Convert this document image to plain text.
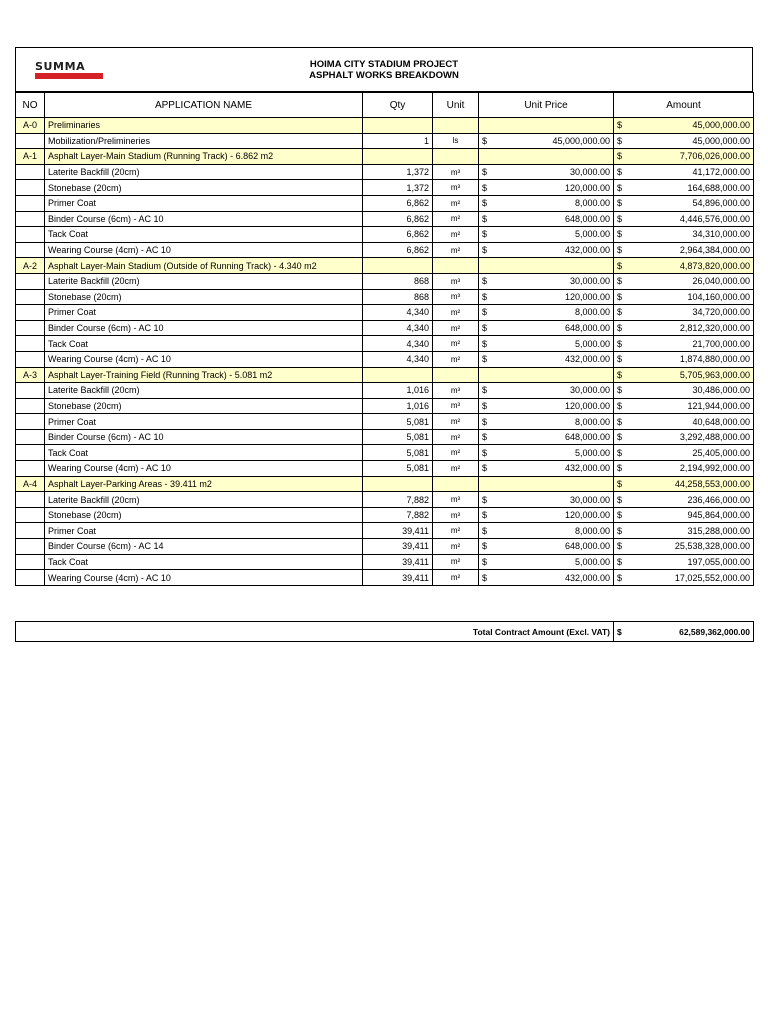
SUMMA	HOIMA CITY STADIUM PROJECT
ASPHALT WORKS BREAKDOWN
NO	APPLICATION NAME	Qty	Unit	Unit Price	Amount
A-0	Preliminaries				$ 45,000,000.00

	Mobilization/Prelimineries	1	ls	$ 45,000,000.00	$ 45,000,000.00

A-1	Asphalt Layer-Main Stadium (Running Track) - 6.862 m2				$ 7,706,026,000.00

	Laterite Backfill (20cm)	1,372	m³	$ 30,000.00	$ 41,172,000.00

	Stonebase (20cm)	1,372	m³	$ 120,000.00	$ 164,688,000.00

	Primer Coat	6,862	m²	$ 8,000.00	$ 54,896,000.00

	Binder Course (6cm) - AC 10	6,862	m²	$ 648,000.00	$ 4,446,576,000.00

	Tack Coat	6,862	m²	$ 5,000.00	$ 34,310,000.00

	Wearing Course (4cm) - AC 10	6,862	m²	$ 432,000.00	$ 2,964,384,000.00

A-2	Asphalt Layer-Main Stadium (Outside of Running Track) - 4.340 m2				$ 4,873,820,000.00

	Laterite Backfill (20cm)	868	m³	$ 30,000.00	$ 26,040,000.00

	Stonebase (20cm)	868	m³	$ 120,000.00	$ 104,160,000.00

	Primer Coat	4,340	m²	$ 8,000.00	$ 34,720,000.00

	Binder Course (6cm) - AC 10	4,340	m²	$ 648,000.00	$ 2,812,320,000.00

	Tack Coat	4,340	m²	$ 5,000.00	$ 21,700,000.00

	Wearing Course (4cm) - AC 10	4,340	m²	$ 432,000.00	$ 1,874,880,000.00

A-3	Asphalt Layer-Training Field (Running Track) - 5.081 m2				$ 5,705,963,000.00

	Laterite Backfill (20cm)	1,016	m³	$ 30,000.00	$ 30,486,000.00

	Stonebase (20cm)	1,016	m³	$ 120,000.00	$ 121,944,000.00

	Primer Coat	5,081	m²	$ 8,000.00	$ 40,648,000.00

	Binder Course (6cm) - AC 10	5,081	m²	$ 648,000.00	$ 3,292,488,000.00

	Tack Coat	5,081	m²	$ 5,000.00	$ 25,405,000.00

	Wearing Course (4cm) - AC 10	5,081	m²	$ 432,000.00	$ 2,194,992,000.00

A-4	Asphalt Layer-Parking Areas - 39.411 m2				$ 44,258,553,000.00

	Laterite Backfill (20cm)	7,882	m³	$ 30,000.00	$ 236,466,000.00

	Stonebase (20cm)	7,882	m³	$ 120,000.00	$ 945,864,000.00

	Primer Coat	39,411	m²	$ 8,000.00	$ 315,288,000.00

	Binder Course (6cm) - AC 14	39,411	m²	$ 648,000.00	$ 25,538,328,000.00

	Tack Coat	39,411	m²	$ 5,000.00	$ 197,055,000.00

	Wearing Course (4cm) - AC 10	39,411	m²	$ 432,000.00	$ 17,025,552,000.00
Total Contract Amount (Excl. VAT)	$	62,589,362,000.00
